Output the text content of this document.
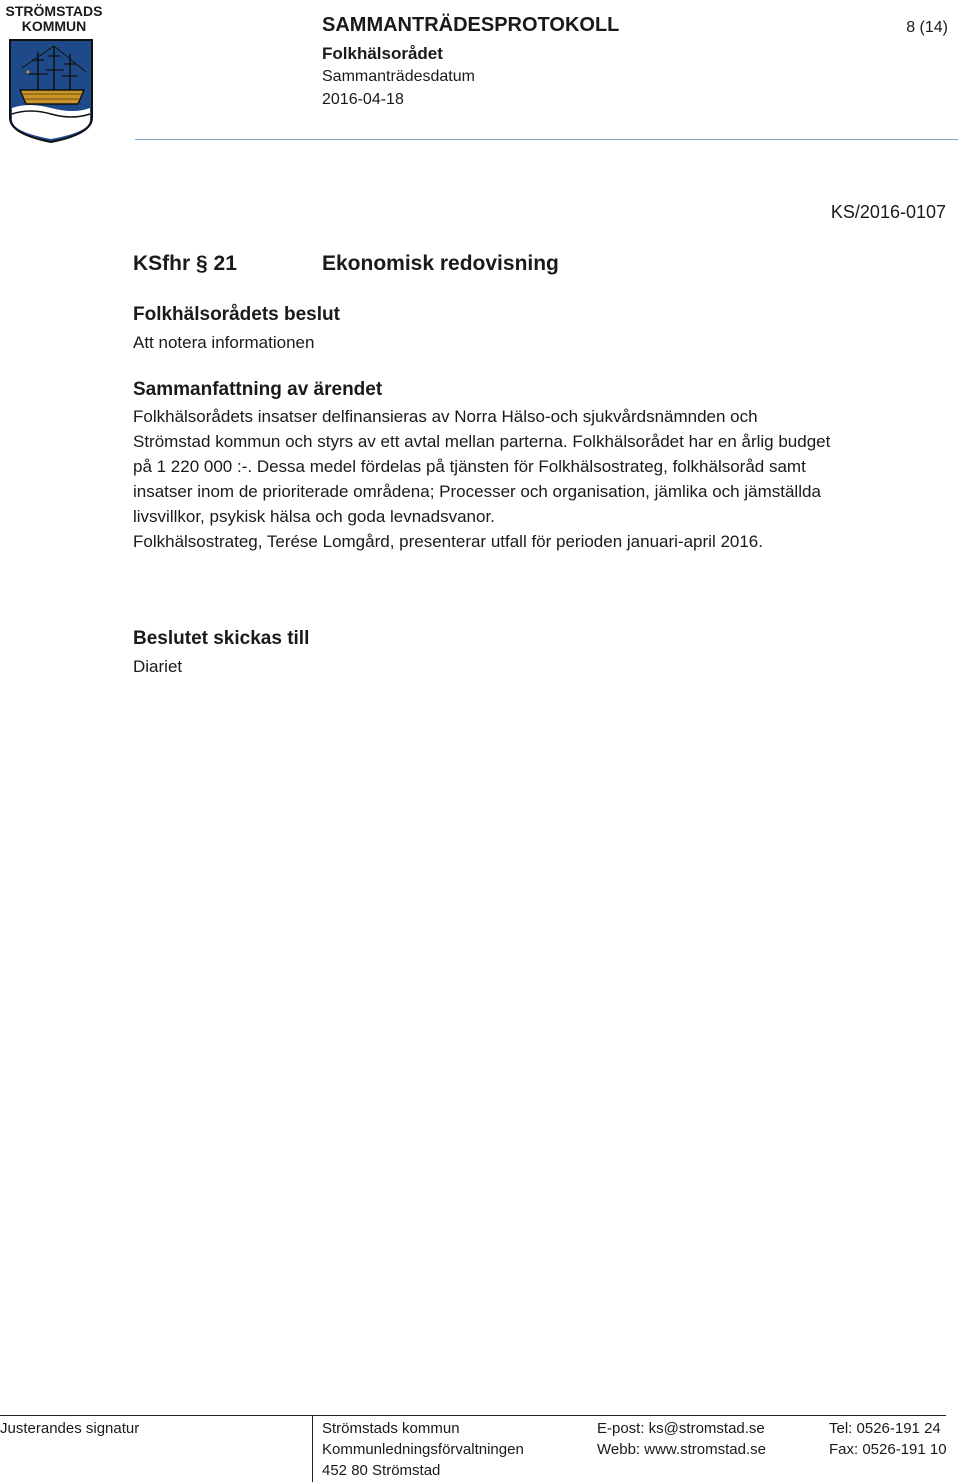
STRÖMSTADS
KOMMUN	SAMMANTRÄDESPROTOKOLL
Folkhälsorådet
Sammanträdesdatum
2016-04-18
8 (14)
KS/2016-0107
KSfhr § 21	Ekonomisk redovisning
Folkhälsorådets beslut
Att notera informationen
Sammanfattning av ärendet
Folkhälsorådets insatser delfinansieras av Norra Hälso-och sjukvårdsnämnden och Strömstad kommun och styrs av ett avtal mellan parterna. Folkhälsorådet har en årlig budget på 1 220 000 :-. Dessa medel fördelas på tjänsten för Folkhälsostrateg, folkhälsoråd samt insatser inom de prioriterade områdena; Processer och organisation, jämlika och jämställda livsvillkor, psykisk hälsa och goda levnadsvanor.
Folkhälsostrateg, Terése Lomgård, presenterar utfall för perioden januari-april 2016.
Beslutet skickas till
Diariet
Justerandes signatur	Strömstads kommun
Kommunledningsförvaltningen
452 80 Strömstad
E-post: ks@stromstad.se
Webb: www.stromstad.se
Tel: 0526-191 24
Fax: 0526-191 10
